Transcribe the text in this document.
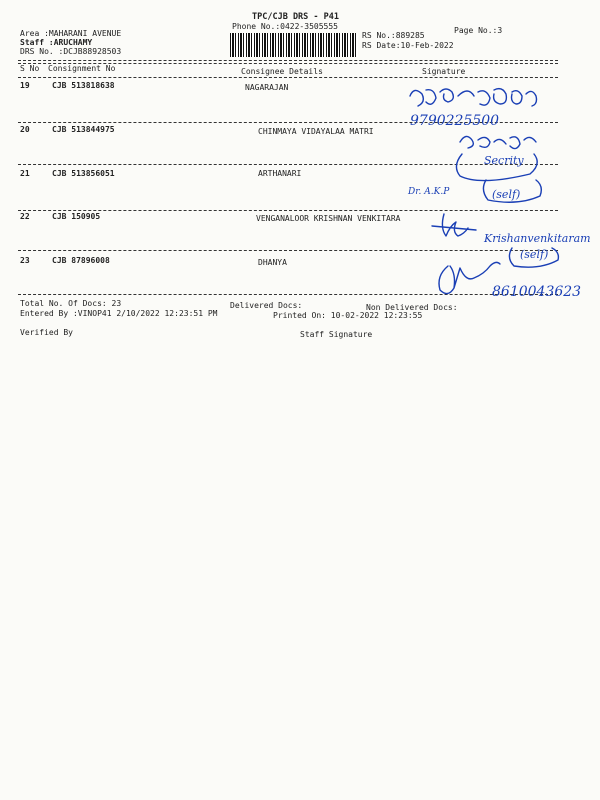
TPC/CJB DRS - P41
Phone No.:0422-3505555
Area :MAHARANI AVENUE
Staff :ARUCHAMY
DRS No. :DCJB88928503
RS No.:889285
RS Date:10-Feb-2022
Page No.:3
S No Consignment No	Consignee Details	Signature
19	CJB 513818638	NAGARAJAN
20	CJB 513844975	CHINMAYA VIDAYALAA MATRI
21	CJB 513856051	ARTHANARI
22	CJB 150905	VENGANALOOR KRISHNAN VENKITARA
23	CJB 87896008	DHANYA
Total No. Of Docs: 23	Delivered Docs:	Non Delivered Docs:
Entered By :VINOP41 2/10/2022 12:23:51 PM	Printed On: 10-02-2022 12:23:55
Verified By	Staff Signature
9790225500
Secrity
Dr. A.K.P	(self)
Krishanvenkitaram
(self)
8610043623
